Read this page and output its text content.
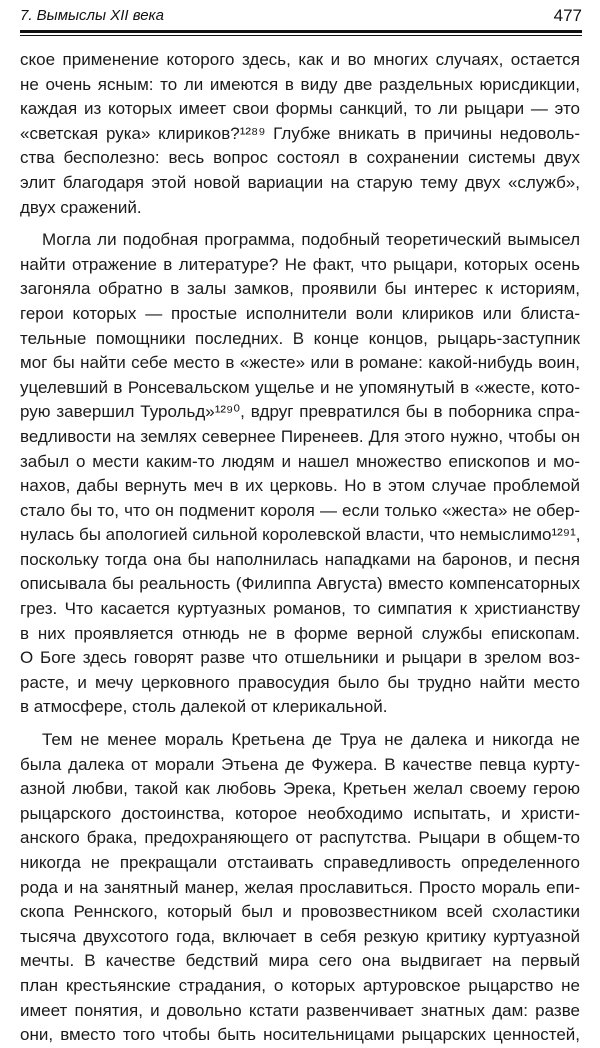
7. Вымыслы XII века	477
ское применение которого здесь, как и во многих случаях, остается
не очень ясным: то ли имеются в виду две раздельных юрисдикции,
каждая из которых имеет свои формы санкций, то ли рыцари — это
«светская рука» клириков?¹²⁸⁹ Глубже вникать в причины недоволь-
ства бесполезно: весь вопрос состоял в сохранении системы двух
элит благодаря этой новой вариации на старую тему двух «служб»,
двух сражений.
Могла ли подобная программа, подобный теоретический вымысел
найти отражение в литературе? Не факт, что рыцари, которых осень
загоняла обратно в залы замков, проявили бы интерес к историям,
герои которых — простые исполнители воли клириков или блиста-
тельные помощники последних. В конце концов, рыцарь-заступник
мог бы найти себе место в «жесте» или в романе: какой-нибудь воин,
уцелевший в Ронсевальском ущелье и не упомянутый в «жесте, кото-
рую завершил Турольд»¹²⁹⁰, вдруг превратился бы в поборника спра-
ведливости на землях севернее Пиренеев. Для этого нужно, чтобы он
забыл о мести каким-то людям и нашел множество епископов и мо-
нахов, дабы вернуть меч в их церковь. Но в этом случае проблемой
стало бы то, что он подменит короля — если только «жеста» не обер-
нулась бы апологией сильной королевской власти, что немыслимо¹²⁹¹,
поскольку тогда она бы наполнилась нападками на баронов, и песня
описывала бы реальность (Филиппа Августа) вместо компенсаторных
грез. Что касается куртуазных романов, то симпатия к христианству
в них проявляется отнюдь не в форме верной службы епископам.
О Боге здесь говорят разве что отшельники и рыцари в зрелом воз-
расте, и мечу церковного правосудия было бы трудно найти место
в атмосфере, столь далекой от клерикальной.
Тем не менее мораль Кретьена де Труа не далека и никогда не
была далека от морали Этьена де Фужера. В качестве певца курту-
азной любви, такой как любовь Эрека, Кретьен желал своему герою
рыцарского достоинства, которое необходимо испытать, и христи-
анского брака, предохраняющего от распутства. Рыцари в общем-то
никогда не прекращали отстаивать справедливость определенного
рода и на занятный манер, желая прославиться. Просто мораль епи-
скопа Реннского, который был и провозвестником всей схоластики
тысяча двухсотого года, включает в себя резкую критику куртуазной
мечты. В качестве бедствий мира сего она выдвигает на первый
план крестьянские страдания, о которых артуровское рыцарство не
имеет понятия, и довольно кстати развенчивает знатных дам: разве
они, вместо того чтобы быть носительницами рыцарских ценностей,
